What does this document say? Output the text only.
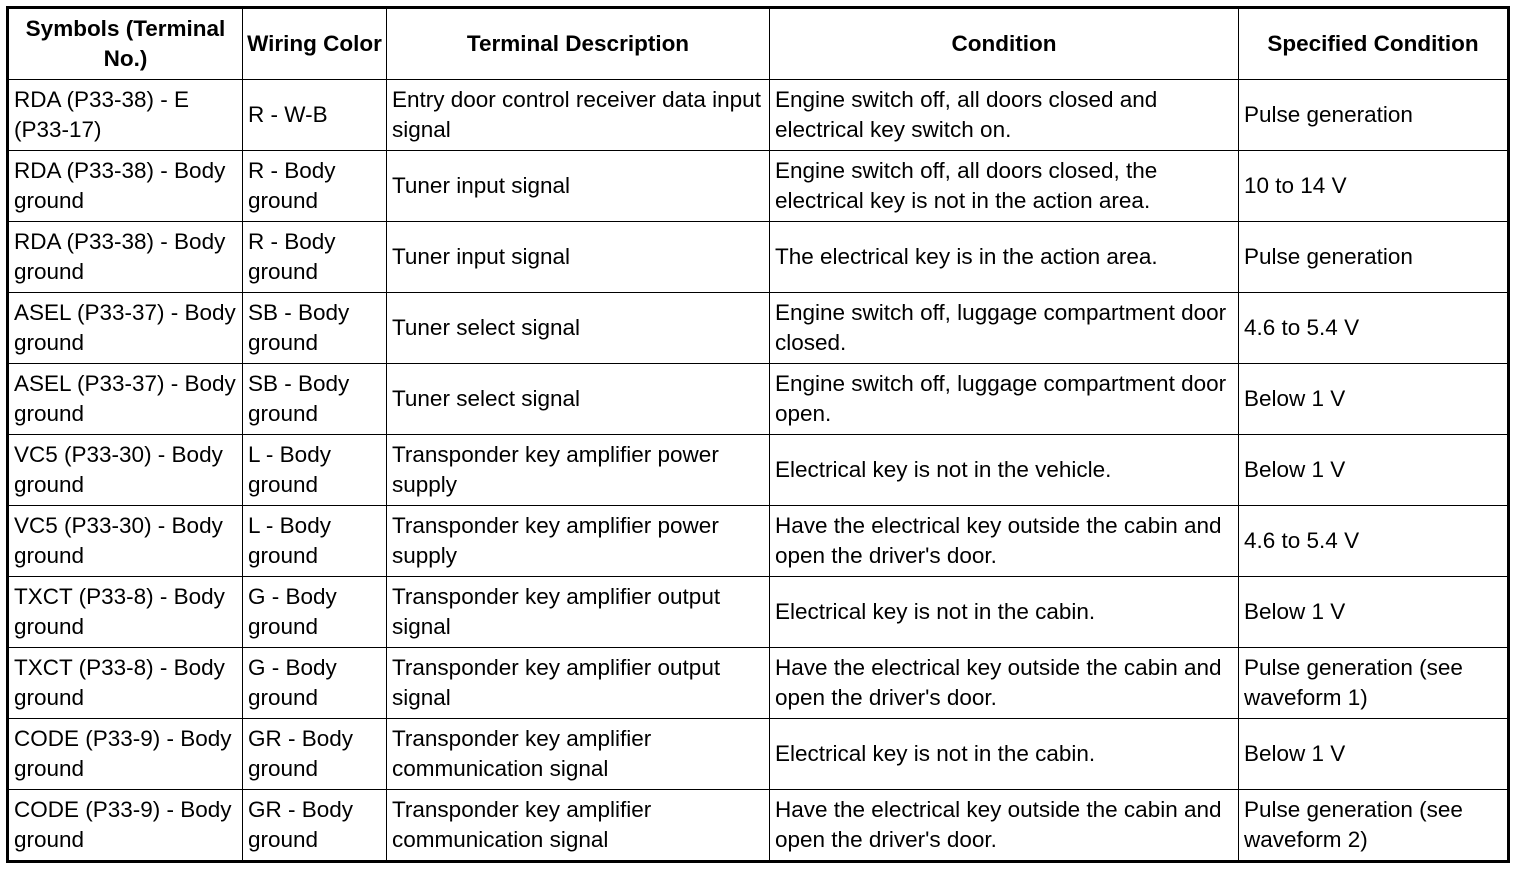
Symbols (Terminal No.)	Wiring Color	Terminal Description	Condition	Specified Condition
RDA (P33-38) - E (P33-17)	R - W-B	Entry door control receiver data input signal	Engine switch off, all doors closed and electrical key switch on.	Pulse generation
RDA (P33-38) - Body ground	R - Body ground	Tuner input signal	Engine switch off, all doors closed, the electrical key is not in the action area.	10 to 14 V
RDA (P33-38) - Body ground	R - Body ground	Tuner input signal	The electrical key is in the action area.	Pulse generation
ASEL (P33-37) - Body ground	SB - Body ground	Tuner select signal	Engine switch off, luggage compartment door closed.	4.6 to 5.4 V
ASEL (P33-37) - Body ground	SB - Body ground	Tuner select signal	Engine switch off, luggage compartment door open.	Below 1 V
VC5 (P33-30) - Body ground	L - Body ground	Transponder key amplifier power supply	Electrical key is not in the vehicle.	Below 1 V
VC5 (P33-30) - Body ground	L - Body ground	Transponder key amplifier power supply	Have the electrical key outside the cabin and open the driver's door.	4.6 to 5.4 V
TXCT (P33-8) - Body ground	G - Body ground	Transponder key amplifier output signal	Electrical key is not in the cabin.	Below 1 V
TXCT (P33-8) - Body ground	G - Body ground	Transponder key amplifier output signal	Have the electrical key outside the cabin and open the driver's door.	Pulse generation (see waveform 1)
CODE (P33-9) - Body ground	GR - Body ground	Transponder key amplifier communication signal	Electrical key is not in the cabin.	Below 1 V
CODE (P33-9) - Body ground	GR - Body ground	Transponder key amplifier communication signal	Have the electrical key outside the cabin and open the driver's door.	Pulse generation (see waveform 2)
